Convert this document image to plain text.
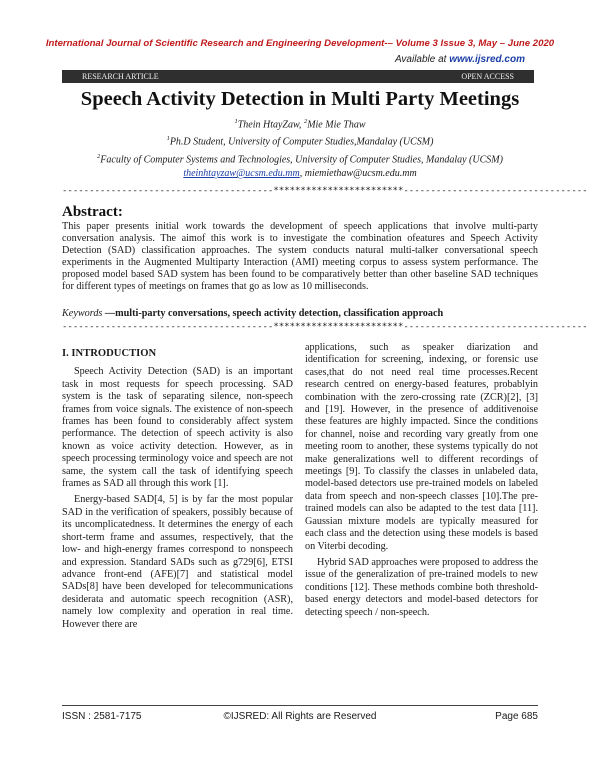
International Journal of Scientific Research and Engineering Development-– Volume 3 Issue 3, May – June 2020
Available at www.ijsred.com
RESEARCH ARTICLE	OPEN ACCESS
Speech Activity Detection in Multi Party Meetings
$^1$Thein HtayZaw, $^2$Mie Mie Thaw
$^1$Ph.D Student, University of Computer Studies,Mandalay (UCSM)
$^2$Faculty of Computer Systems and Technologies, University of Computer Studies, Mandalay (UCSM)
theinhtayzaw@ucsm.edu.mm, miemiethaw@ucsm.edu.mm
---------------------------------------************************----------------------------------
Abstract:
This paper presents initial work towards the development of speech applications that involve multi-party conversation analysis. The aimof this work is to investigate the combination ofeatures and Speech Activity Detection (SAD) classification approaches. The system conducts natural multi-talker conversational speech experiments in the Augmented Multiparty Interaction (AMI) meeting corpus to assess system performance. The proposed model based SAD system has been found to be comparatively better than other baseline SAD techniques for different types of meetings on frames that go as low as 10 milliseconds.
Keywords —multi-party conversations, speech activity detection, classification approach
---------------------------------------************************----------------------------------
I. INTRODUCTION

Speech Activity Detection (SAD) is an important task in most requests for speech processing. SAD system is the task of separating silence, non-speech frames from voice signals. The existence of non-speech frames has been found to considerably affect system performance. The detection of speech activity is also known as voice activity detection. However, as in speech processing terminology voice and speech are not same, the system call the task of identifying speech frames as SAD all through this work [1].

Energy-based SAD[4, 5] is by far the most popular SAD in the verification of speakers, possibly because of its uncomplicatedness. It determines the energy of each short-term frame and assumes, respectively, that the low- and high-energy frames correspond to nonspeech and expression. Standard SADs such as g729[6], ETSI advance front-end (AFE)[7] and statistical model SADs[8] have been developed for telecommunications desiderata and automatic speech recognition (ASR), namely low complexity and operation in real time. However there are

applications, such as speaker diarization and identification for screening, indexing, or forensic use cases,that do not need real time processes.Recent research centred on energy-based features, probablyin combination with the zero-crossing rate (ZCR)[2], [3] and [19]. However, in the presence of additivenoise these features are highly impacted. Since the conditions for channel, noise and recording vary greatly from one meeting room to another, these systems typically do not make generalizations well to different recordings of meetings [9]. To classify the classes in unlabeled data, model-based detectors use pre-trained models on labeled data from speech and non-speech classes [10].The pre-trained models can also be adapted to the test data [11]. Gaussian mixture models are typically measured for each class and the detection using these models is based on Viterbi decoding.

Hybrid SAD approaches were proposed to address the issue of the generalization of pre-trained models to new conditions [12]. These methods combine both threshold-based energy detectors and model-based detectors for detecting speech / non-speech.

ISSN : 2581-7175	©IJSRED: All Rights are Reserved	Page 685
